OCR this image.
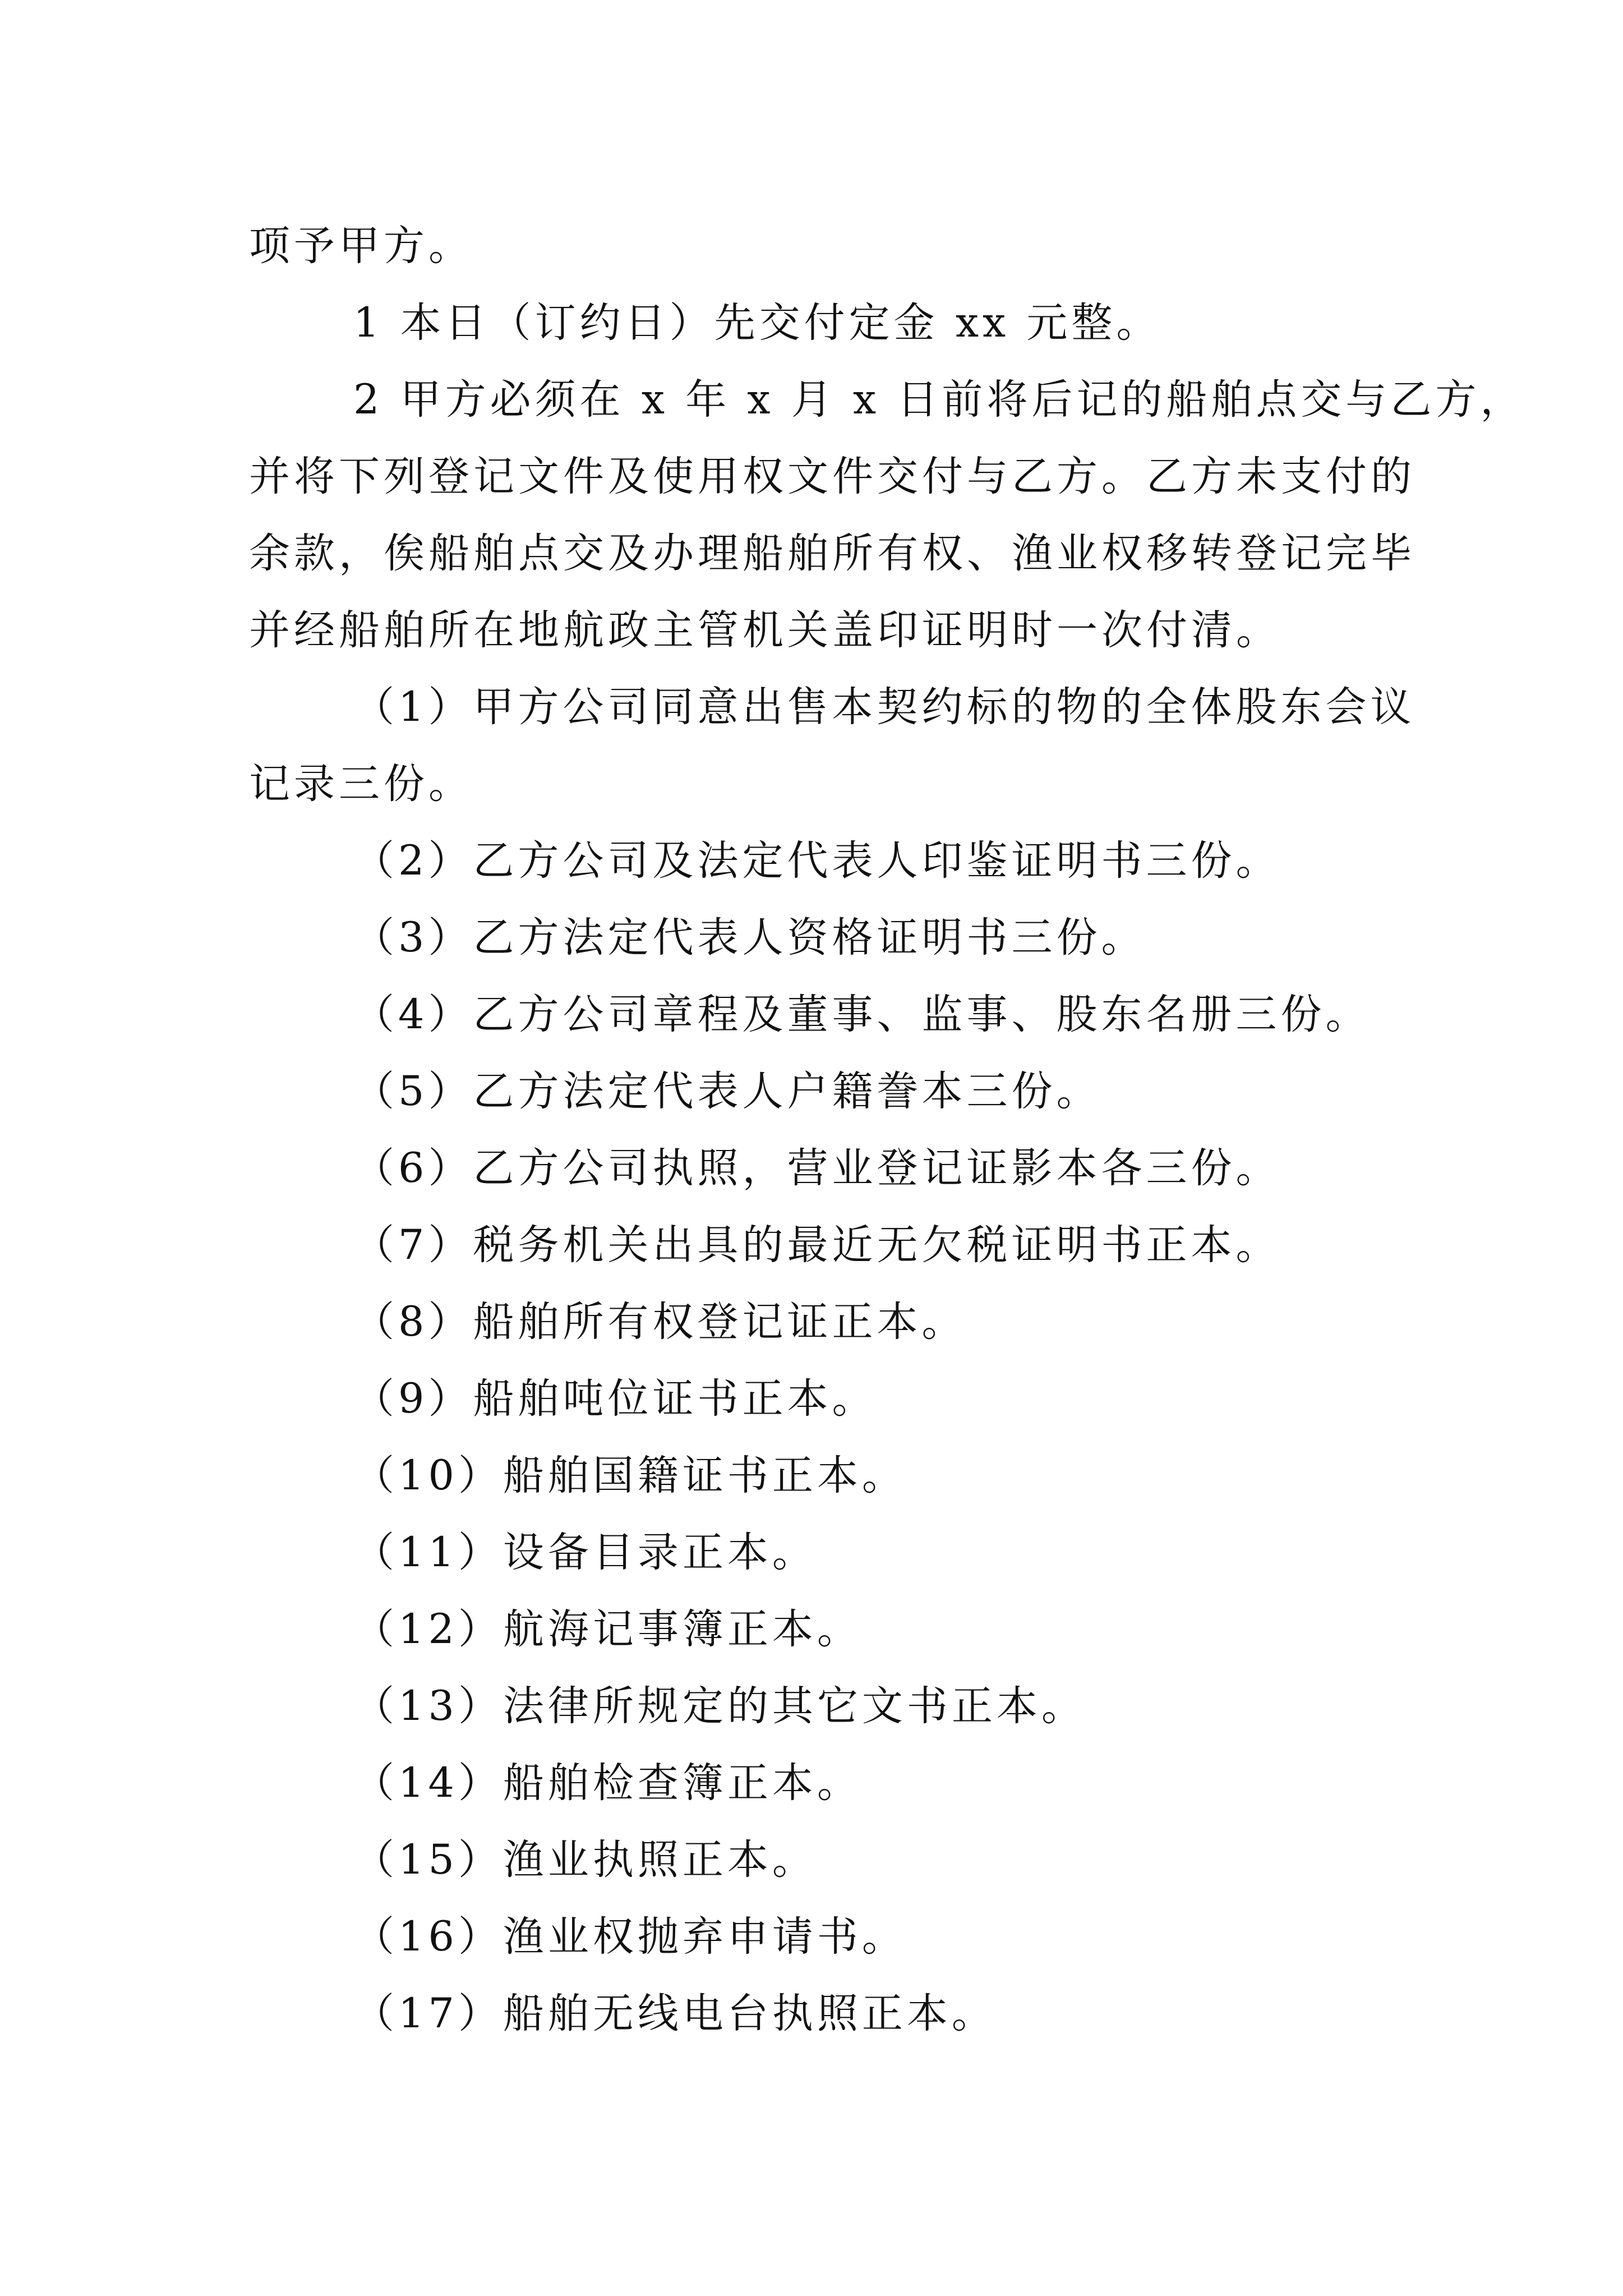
项予甲方。
1 本日（订约日）先交付定金 xx 元整。
2 甲方必须在 x 年 x 月 x 日前将后记的船舶点交与乙方，
并将下列登记文件及使用权文件交付与乙方。乙方未支付的
余款，俟船舶点交及办理船舶所有权、渔业权移转登记完毕
并经船舶所在地航政主管机关盖印证明时一次付清。
（1）甲方公司同意出售本契约标的物的全体股东会议
记录三份。
（2）乙方公司及法定代表人印鉴证明书三份。
（3）乙方法定代表人资格证明书三份。
（4）乙方公司章程及董事、监事、股东名册三份。
（5）乙方法定代表人户籍誊本三份。
（6）乙方公司执照，营业登记证影本各三份。
（7）税务机关出具的最近无欠税证明书正本。
（8）船舶所有权登记证正本。
（9）船舶吨位证书正本。
（10）船舶国籍证书正本。
（11）设备目录正本。
（12）航海记事簿正本。
（13）法律所规定的其它文书正本。
（14）船舶检查簿正本。
（15）渔业执照正本。
（16）渔业权抛弃申请书。
（17）船舶无线电台执照正本。
